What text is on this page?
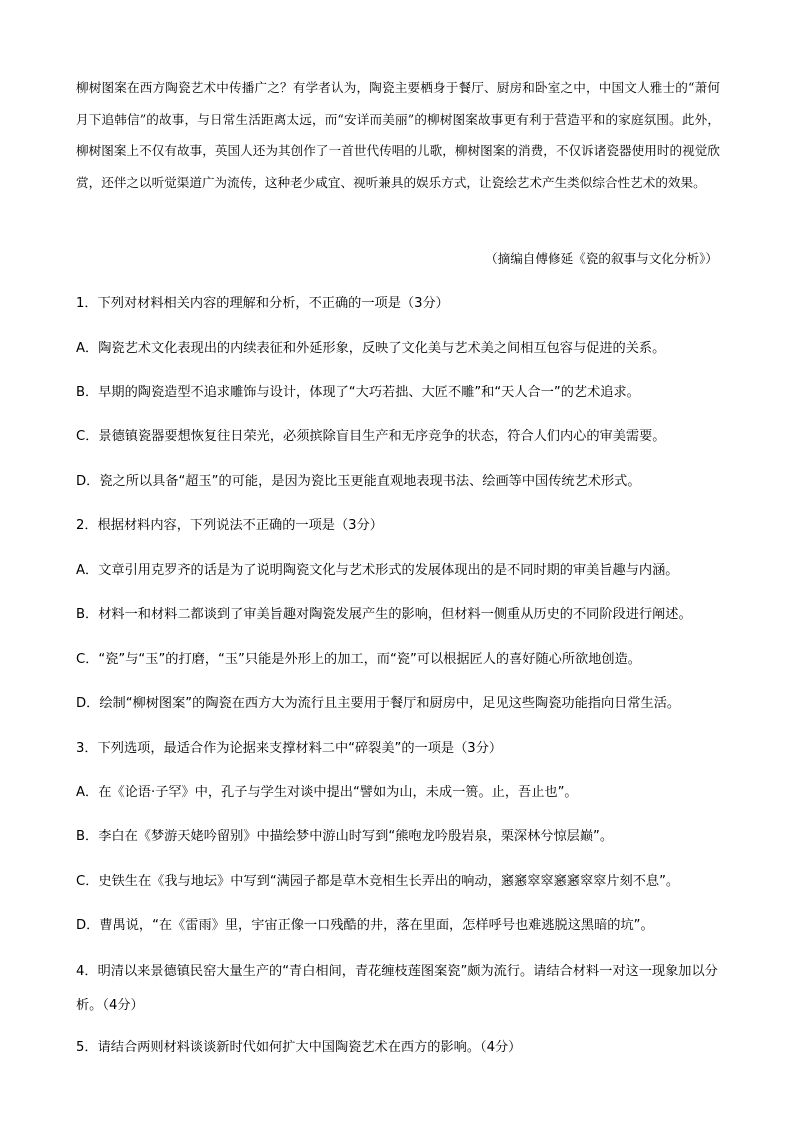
柳树图案在西方陶瓷艺术中传播广之？有学者认为，陶瓷主要栖身于餐厅、厨房和卧室之中，中国文人雅士的“萧何月下追韩信”的故事，与日常生活距离太远，而“安详而美丽”的柳树图案故事更有利于营造平和的家庭氛围。此外，柳树图案上不仅有故事，英国人还为其创作了一首世代传唱的儿歌，柳树图案的消费，不仅诉诸瓷器使用时的视觉欣赏，还伴之以听觉渠道广为流传，这种老少咸宜、视听兼具的娱乐方式，让瓷绘艺术产生类似综合性艺术的效果。
（摘编自傅修延《瓷的叙事与文化分析》）
1．下列对材料相关内容的理解和分析，不正确的一项是（3分）
A．陶瓷艺术文化表现出的内续表征和外延形象，反映了文化美与艺术美之间相互包容与促进的关系。
B．早期的陶瓷造型不追求雕饰与设计，体现了“大巧若拙、大匠不雕”和“天人合一”的艺术追求。
C．景德镇瓷器要想恢复往日荣光，必须摈除盲目生产和无序竞争的状态，符合人们内心的审美需要。
D．瓷之所以具备“超玉”的可能，是因为瓷比玉更能直观地表现书法、绘画等中国传统艺术形式。
2．根据材料内容，下列说法不正确的一项是（3分）
A．文章引用克罗齐的话是为了说明陶瓷文化与艺术形式的发展体现出的是不同时期的审美旨趣与内涵。
B．材料一和材料二都谈到了审美旨趣对陶瓷发展产生的影响，但材料一侧重从历史的不同阶段进行阐述。
C．“瓷”与“玉”的打磨，“玉”只能是外形上的加工，而“瓷”可以根据匠人的喜好随心所欲地创造。
D．绘制“柳树图案”的陶瓷在西方大为流行且主要用于餐厅和厨房中，足见这些陶瓷功能指向日常生活。
3．下列选项，最适合作为论据来支撑材料二中“碎裂美”的一项是（3分）
A．在《论语·子罕》中，孔子与学生对谈中提出“譬如为山，未成一篑。止，吾止也”。
B．李白在《梦游天姥吟留别》中描绘梦中游山时写到“熊咆龙吟殷岩泉，栗深林兮惊层巅”。
C．史铁生在《我与地坛》中写到“满园子都是草木竞相生长弄出的响动，窸窸窣窣窸窸窣窣片刻不息”。
D．曹禺说，“在《雷雨》里，宇宙正像一口残酷的井，落在里面，怎样呼号也难逃脱这黑暗的坑”。
4．明清以来景德镇民窑大量生产的“青白相间，青花缠枝莲图案瓷”颇为流行。请结合材料一对这一现象加以分析。（4分）
5．请结合两则材料谈谈新时代如何扩大中国陶瓷艺术在西方的影响。（4分）
